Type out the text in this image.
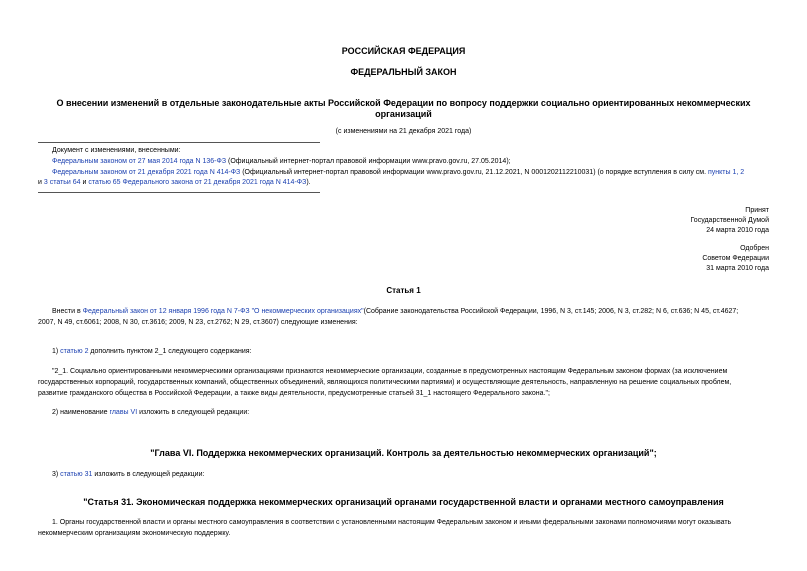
РОССИЙСКАЯ ФЕДЕРАЦИЯ
ФЕДЕРАЛЬНЫЙ ЗАКОН
О внесении изменений в отдельные законодательные акты Российской Федерации по вопросу поддержки социально ориентированных некоммерческих
организаций
(с изменениями на 21 декабря 2021 года)
Документ с изменениями, внесенными:
Федеральным законом от 27 мая 2014 года N 136-ФЗ (Официальный интернет-портал правовой информации www.pravo.gov.ru, 27.05.2014);
Федеральным законом от 21 декабря 2021 года N 414-ФЗ (Официальный интернет-портал правовой информации www.pravo.gov.ru, 21.12.2021, N 0001202112210031) (о порядке вступления в силу см. пункты 1, 2
и 3 статьи 64 и статью 65 Федерального закона от 21 декабря 2021 года N 414-ФЗ).
Принят
Государственной Думой
24 марта 2010 года
Одобрен
Советом Федерации
31 марта 2010 года
Статья 1
Внести в Федеральный закон от 12 января 1996 года N 7-ФЗ "О некоммерческих организациях"(Собрание законодательства Российской Федерации, 1996, N 3, ст.145; 2006, N 3, ст.282; N 6, ст.636; N 45, ст.4627;
2007, N 49, ст.6061; 2008, N 30, ст.3616; 2009, N 23, ст.2762; N 29, ст.3607) следующие изменения:
1) статью 2 дополнить пунктом 2_1 следующего содержания:
"2_1. Социально ориентированными некоммерческими организациями признаются некоммерческие организации, созданные в предусмотренных настоящим Федеральным законом формах (за исключением
государственных корпораций, государственных компаний, общественных объединений, являющихся политическими партиями) и осуществляющие деятельность, направленную на решение социальных проблем,
развитие гражданского общества в Российской Федерации, а также виды деятельности, предусмотренные статьей 31_1 настоящего Федерального закона.";
2) наименование главы VI изложить в следующей редакции:
"Глава VI. Поддержка некоммерческих организаций. Контроль за деятельностью некоммерческих организаций";
3) статью 31 изложить в следующей редакции:
"Статья 31. Экономическая поддержка некоммерческих организаций органами государственной власти и органами местного самоуправления
1. Органы государственной власти и органы местного самоуправления в соответствии с установленными настоящим Федеральным законом и иными федеральными законами полномочиями могут оказывать
некоммерческим организациям экономическую поддержку.
